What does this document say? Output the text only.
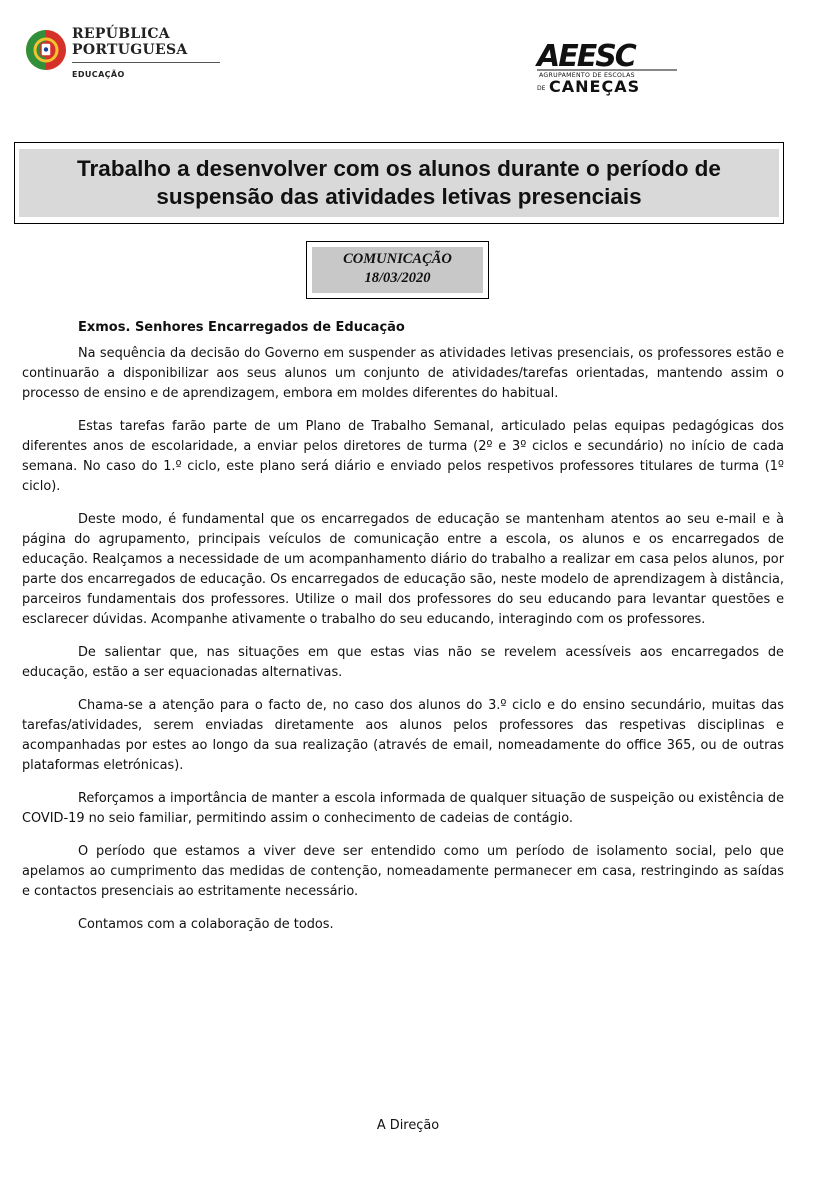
REPÚBLICA
PORTUGUESA
EDUCAÇÃO
AEESC
AGRUPAMENTO DE ESCOLAS
DE CANEÇAS
Trabalho a desenvolver com os alunos durante o período de
suspensão das atividades letivas presenciais
COMUNICAÇÃO
18/03/2020

Exmos. Senhores Encarregados de Educação

Na sequência da decisão do Governo em suspender as atividades letivas presenciais, os professores estão e continuarão a disponibilizar aos seus alunos um conjunto de atividades/tarefas orientadas, mantendo assim o processo de ensino e de aprendizagem, embora em moldes diferentes do habitual.

Estas tarefas farão parte de um Plano de Trabalho Semanal, articulado pelas equipas pedagógicas dos diferentes anos de escolaridade, a enviar pelos diretores de turma (2º e 3º ciclos e secundário) no início de cada semana. No caso do 1.º ciclo, este plano será diário e enviado pelos respetivos professores titulares de turma (1º ciclo).

Deste modo, é fundamental que os encarregados de educação se mantenham atentos ao seu e-mail e à página do agrupamento, principais veículos de comunicação entre a escola, os alunos e os encarregados de educação. Realçamos a necessidade de um acompanhamento diário do trabalho a realizar em casa pelos alunos, por parte dos encarregados de educação. Os encarregados de educação são, neste modelo de aprendizagem à distância, parceiros fundamentais dos professores. Utilize o mail dos professores do seu educando para levantar questões e esclarecer dúvidas. Acompanhe ativamente o trabalho do seu educando, interagindo com os professores.

De salientar que, nas situações em que estas vias não se revelem acessíveis aos encarregados de educação, estão a ser equacionadas alternativas.

Chama-se a atenção para o facto de, no caso dos alunos do 3.º ciclo e do ensino secundário, muitas das tarefas/atividades, serem enviadas diretamente aos alunos pelos professores das respetivas disciplinas e acompanhadas por estes ao longo da sua realização (através de email, nomeadamente do office 365, ou de outras plataformas eletrónicas).

Reforçamos a importância de manter a escola informada de qualquer situação de suspeição ou existência de COVID-19 no seio familiar, permitindo assim o conhecimento de cadeias de contágio.

O período que estamos a viver deve ser entendido como um período de isolamento social, pelo que apelamos ao cumprimento das medidas de contenção, nomeadamente permanecer em casa, restringindo as saídas e contactos presenciais ao estritamente necessário.

Contamos com a colaboração de todos.

A Direção
